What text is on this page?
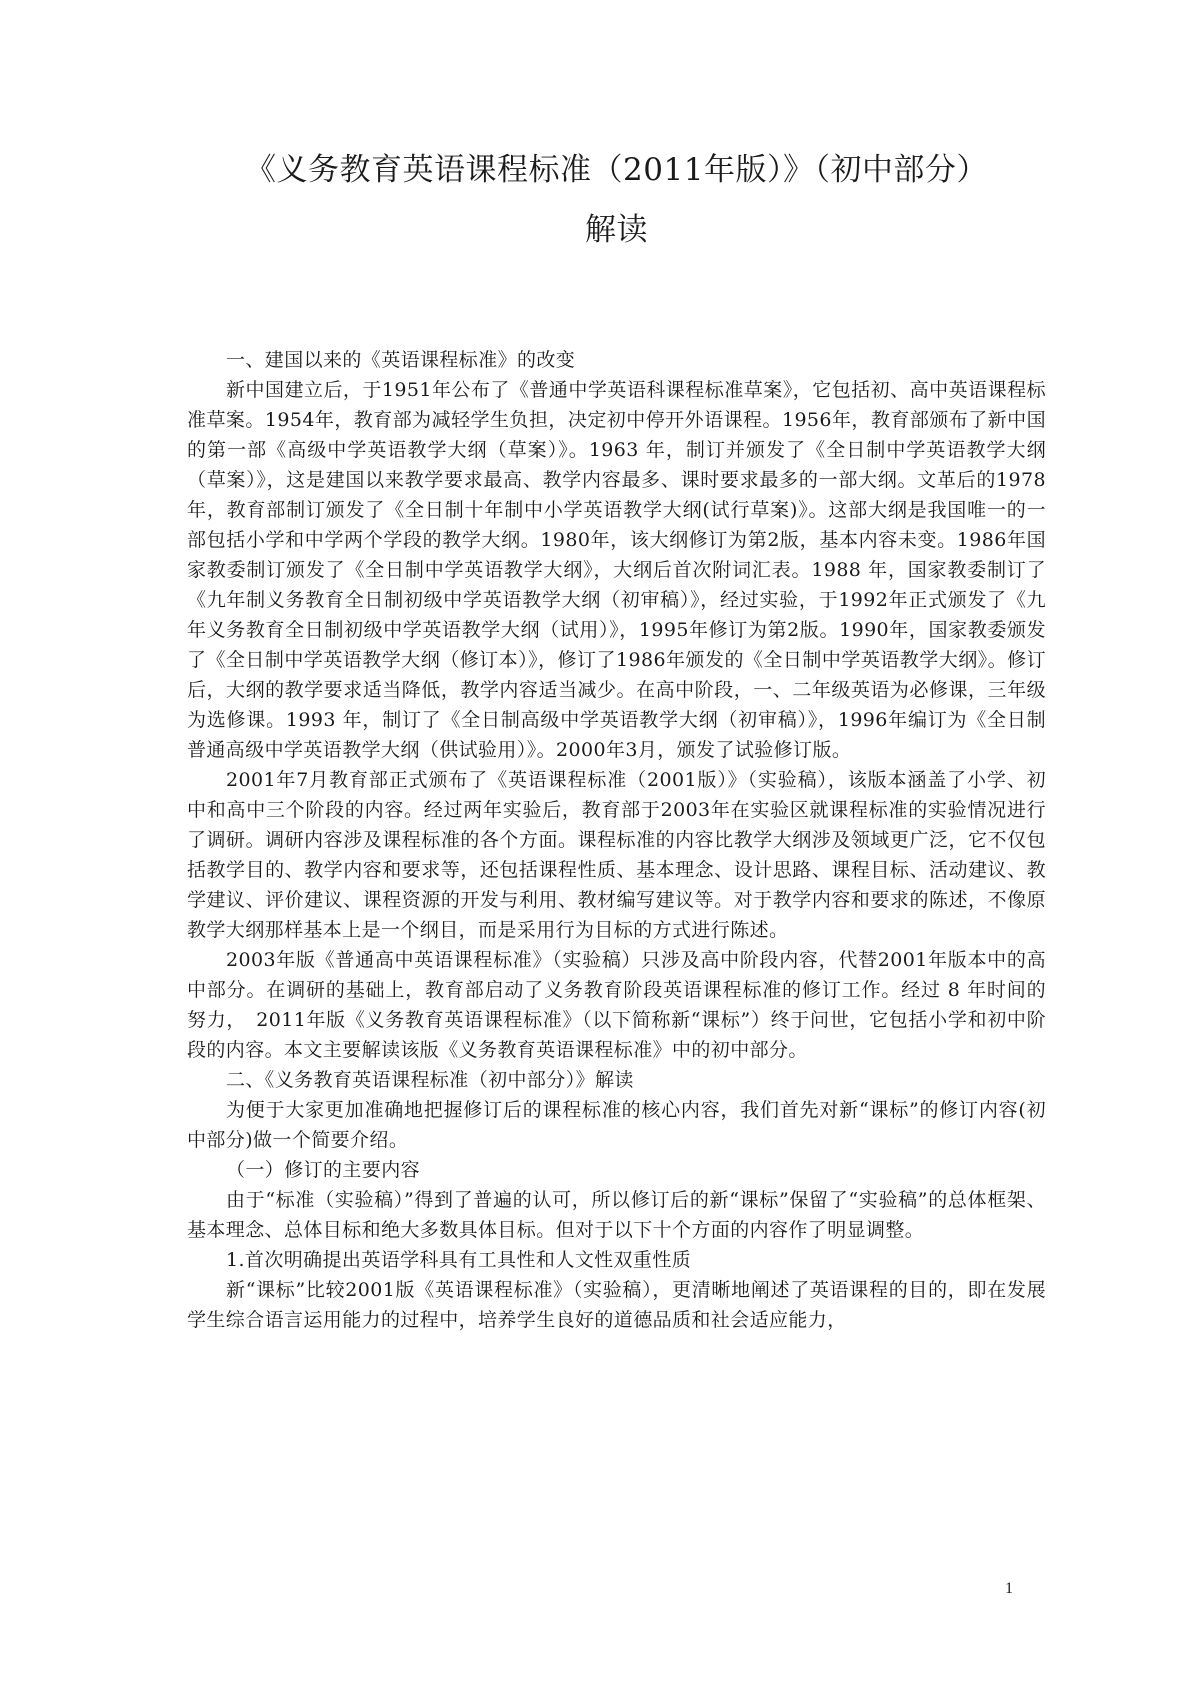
《义务教育英语课程标准（2011年版）》（初中部分）
解读

一、建国以来的《英语课程标准》的改变

新中国建立后，于1951年公布了《普通中学英语科课程标准草案》，它包括初、高中英语课程标准草案。1954年，教育部为减轻学生负担，决定初中停开外语课程。1956年，教育部颁布了新中国的第一部《高级中学英语教学大纲（草案）》。1963 年，制订并颁发了《全日制中学英语教学大纲（草案）》，这是建国以来教学要求最高、教学内容最多、课时要求最多的一部大纲。文革后的1978年，教育部制订颁发了《全日制十年制中小学英语教学大纲(试行草案)》。这部大纲是我国唯一的一部包括小学和中学两个学段的教学大纲。1980年，该大纲修订为第2版，基本内容未变。1986年国家教委制订颁发了《全日制中学英语教学大纲》，大纲后首次附词汇表。1988 年，国家教委制订了《九年制义务教育全日制初级中学英语教学大纲（初审稿）》，经过实验，于1992年正式颁发了《九年义务教育全日制初级中学英语教学大纲（试用）》，1995年修订为第2版。1990年，国家教委颁发了《全日制中学英语教学大纲（修订本）》，修订了1986年颁发的《全日制中学英语教学大纲》。修订后，大纲的教学要求适当降低，教学内容适当减少。在高中阶段，一、二年级英语为必修课，三年级为选修课。1993 年，制订了《全日制高级中学英语教学大纲（初审稿）》，1996年编订为《全日制普通高级中学英语教学大纲（供试验用）》。2000年3月，颁发了试验修订版。

2001年7月教育部正式颁布了《英语课程标准（2001版）》（实验稿），该版本涵盖了小学、初中和高中三个阶段的内容。经过两年实验后，教育部于2003年在实验区就课程标准的实验情况进行了调研。调研内容涉及课程标准的各个方面。课程标准的内容比教学大纲涉及领域更广泛，它不仅包括教学目的、教学内容和要求等，还包括课程性质、基本理念、设计思路、课程目标、活动建议、教学建议、评价建议、课程资源的开发与利用、教材编写建议等。对于教学内容和要求的陈述，不像原教学大纲那样基本上是一个纲目，而是采用行为目标的方式进行陈述。

2003年版《普通高中英语课程标准》（实验稿）只涉及高中阶段内容，代替2001年版本中的高中部分。在调研的基础上，教育部启动了义务教育阶段英语课程标准的修订工作。经过 8 年时间的努力，　2011年版《义务教育英语课程标准》（以下简称新“课标”）终于问世，它包括小学和初中阶段的内容。本文主要解读该版《义务教育英语课程标准》中的初中部分。

二、《义务教育英语课程标准（初中部分）》解读

为便于大家更加准确地把握修订后的课程标准的核心内容，我们首先对新“课标”的修订内容(初中部分)做一个简要介绍。

（一）修订的主要内容

由于“标准（实验稿）”得到了普遍的认可，所以修订后的新“课标”保留了“实验稿”的总体框架、基本理念、总体目标和绝大多数具体目标。但对于以下十个方面的内容作了明显调整。

1.首次明确提出英语学科具有工具性和人文性双重性质

新“课标”比较2001版《英语课程标准》（实验稿），更清晰地阐述了英语课程的目的，即在发展学生综合语言运用能力的过程中，培养学生良好的道德品质和社会适应能力，

1
